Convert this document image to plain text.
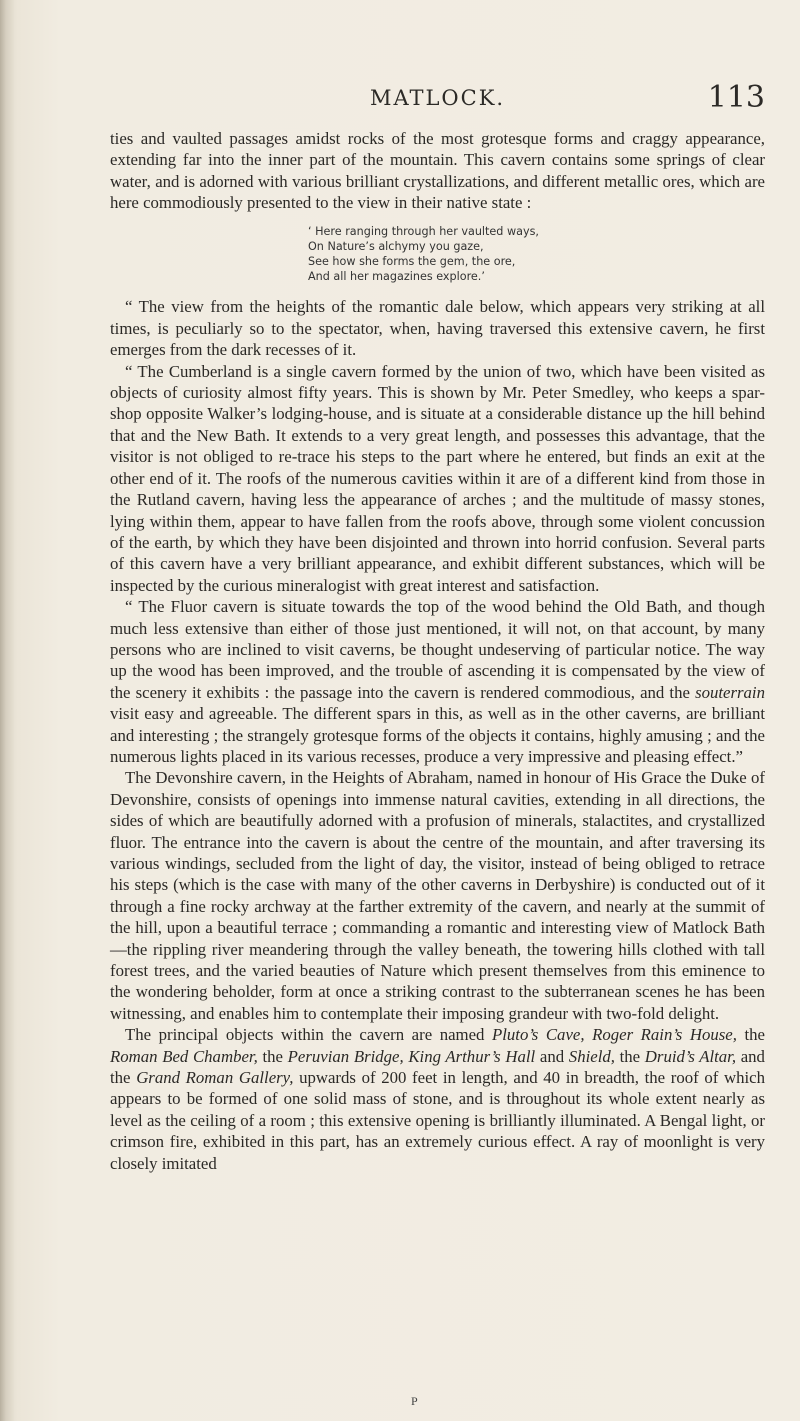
MATLOCK.	113

ties and vaulted passages amidst rocks of the most grotesque forms and craggy appearance, extending far into the inner part of the mountain. This cavern contains some springs of clear water, and is adorned with various brilliant crystallizations, and different metallic ores, which are here commodiously presented to the view in their native state :

‘ Here ranging through her vaulted ways,
On Nature’s alchymy you gaze,
See how she forms the gem, the ore,
And all her magazines explore.’

“ The view from the heights of the romantic dale below, which appears very striking at all times, is peculiarly so to the spectator, when, having traversed this extensive cavern, he first emerges from the dark recesses of it.

“ The Cumberland is a single cavern formed by the union of two, which have been visited as objects of curiosity almost fifty years. This is shown by Mr. Peter Smedley, who keeps a spar-shop opposite Walker’s lodging-house, and is situate at a considerable distance up the hill behind that and the New Bath. It extends to a very great length, and possesses this advantage, that the visitor is not obliged to re-trace his steps to the part where he entered, but finds an exit at the other end of it. The roofs of the numerous cavities within it are of a different kind from those in the Rutland cavern, having less the appearance of arches ; and the multitude of massy stones, lying within them, appear to have fallen from the roofs above, through some violent concussion of the earth, by which they have been disjointed and thrown into horrid confusion. Several parts of this cavern have a very brilliant appearance, and exhibit different substances, which will be inspected by the curious mineralogist with great interest and satisfaction.

“ The Fluor cavern is situate towards the top of the wood behind the Old Bath, and though much less extensive than either of those just mentioned, it will not, on that account, by many persons who are inclined to visit caverns, be thought undeserving of particular notice. The way up the wood has been improved, and the trouble of ascending it is compensated by the view of the scenery it exhibits : the passage into the cavern is rendered commodious, and the souterrain visit easy and agreeable. The different spars in this, as well as in the other caverns, are brilliant and interesting ; the strangely grotesque forms of the objects it contains, highly amusing ; and the numerous lights placed in its various recesses, produce a very impressive and pleasing effect.”

The Devonshire cavern, in the Heights of Abraham, named in honour of His Grace the Duke of Devonshire, consists of openings into immense natural cavities, extending in all directions, the sides of which are beautifully adorned with a profusion of minerals, stalactites, and crystallized fluor. The entrance into the cavern is about the centre of the mountain, and after traversing its various windings, secluded from the light of day, the visitor, instead of being obliged to retrace his steps (which is the case with many of the other caverns in Derbyshire) is conducted out of it through a fine rocky archway at the farther extremity of the cavern, and nearly at the summit of the hill, upon a beautiful terrace ; commanding a romantic and interesting view of Matlock Bath—the rippling river meandering through the valley beneath, the towering hills clothed with tall forest trees, and the varied beauties of Nature which present themselves from this eminence to the wondering beholder, form at once a striking contrast to the subterranean scenes he has been witnessing, and enables him to contemplate their imposing grandeur with two-fold delight.

The principal objects within the cavern are named Pluto’s Cave, Roger Rain’s House, the Roman Bed Chamber, the Peruvian Bridge, King Arthur’s Hall and Shield, the Druid’s Altar, and the Grand Roman Gallery, upwards of 200 feet in length, and 40 in breadth, the roof of which appears to be formed of one solid mass of stone, and is throughout its whole extent nearly as level as the ceiling of a room ; this extensive opening is brilliantly illuminated. A Bengal light, or crimson fire, exhibited in this part, has an extremely curious effect. A ray of moonlight is very closely imitated

P
